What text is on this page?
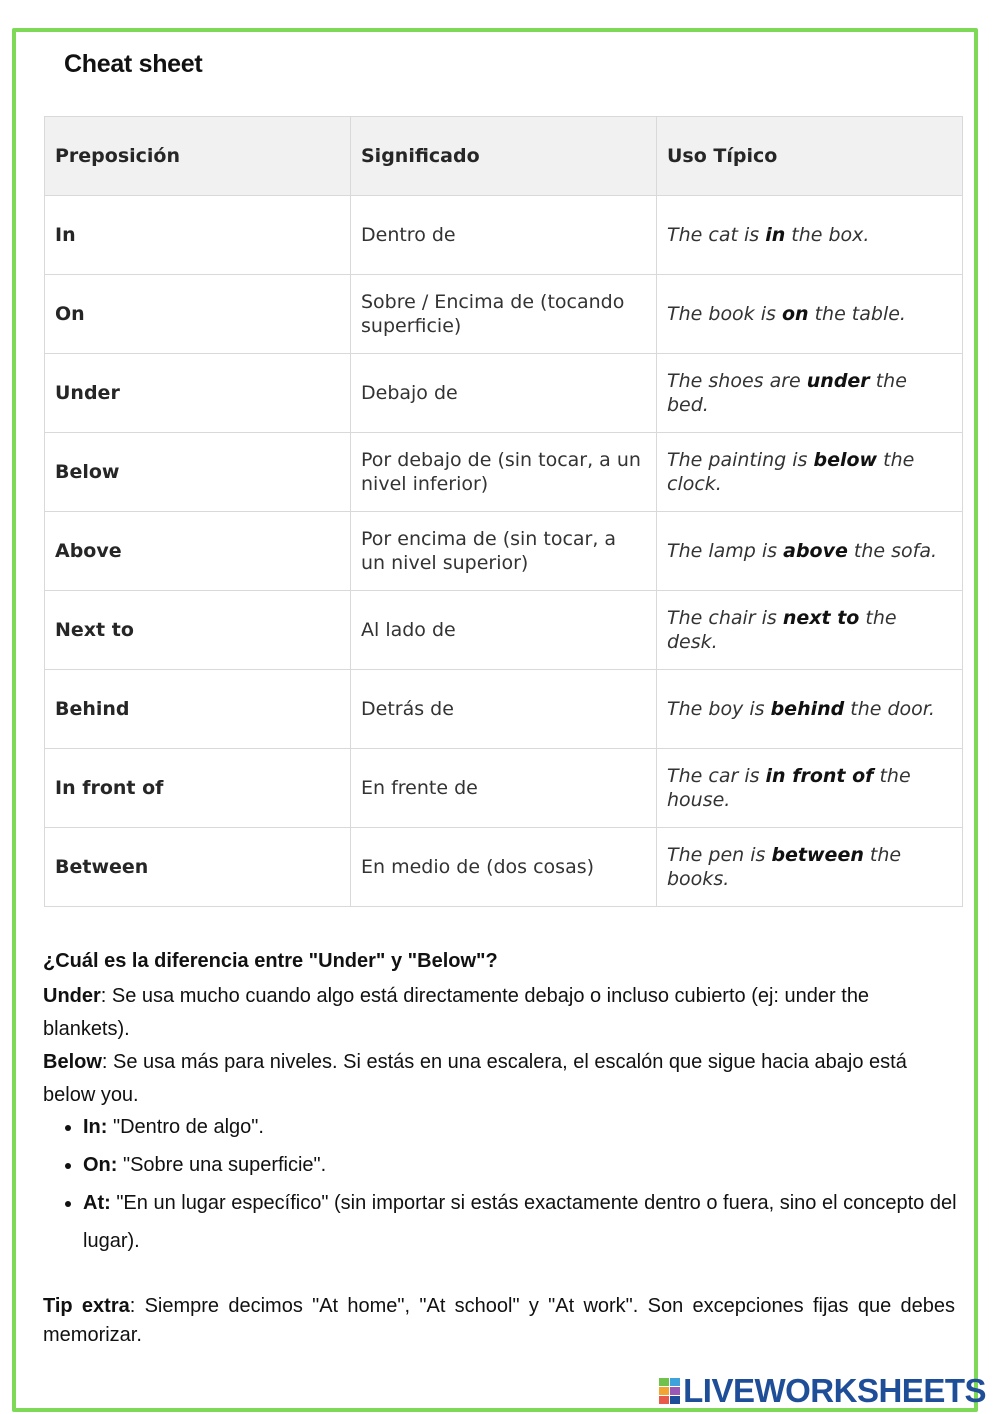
Cheat sheet
Preposición	Significado	Uso Típico
In	Dentro de	The cat is in the box.
On	Sobre / Encima de (tocando superficie)	The book is on the table.
Under	Debajo de	The shoes are under the bed.
Below	Por debajo de (sin tocar, a un nivel inferior)	The painting is below the clock.
Above	Por encima de (sin tocar, a un nivel superior)	The lamp is above the sofa.
Next to	Al lado de	The chair is next to the desk.
Behind	Detrás de	The boy is behind the door.
In front of	En frente de	The car is in front of the house.
Between	En medio de (dos cosas)	The pen is between the books.
¿Cuál es la diferencia entre "Under" y "Below"?
Under: Se usa mucho cuando algo está directamente debajo o incluso cubierto (ej: under the blankets).
Below: Se usa más para niveles. Si estás en una escalera, el escalón que sigue hacia abajo está below you.
• In: "Dentro de algo".
• On: "Sobre una superficie".
• At: "En un lugar específico" (sin importar si estás exactamente dentro o fuera, sino el concepto del lugar).
Tip extra: Siempre decimos "At home", "At school" y "At work". Son excepciones fijas que debes memorizar.
LIVEWORKSHEETS
